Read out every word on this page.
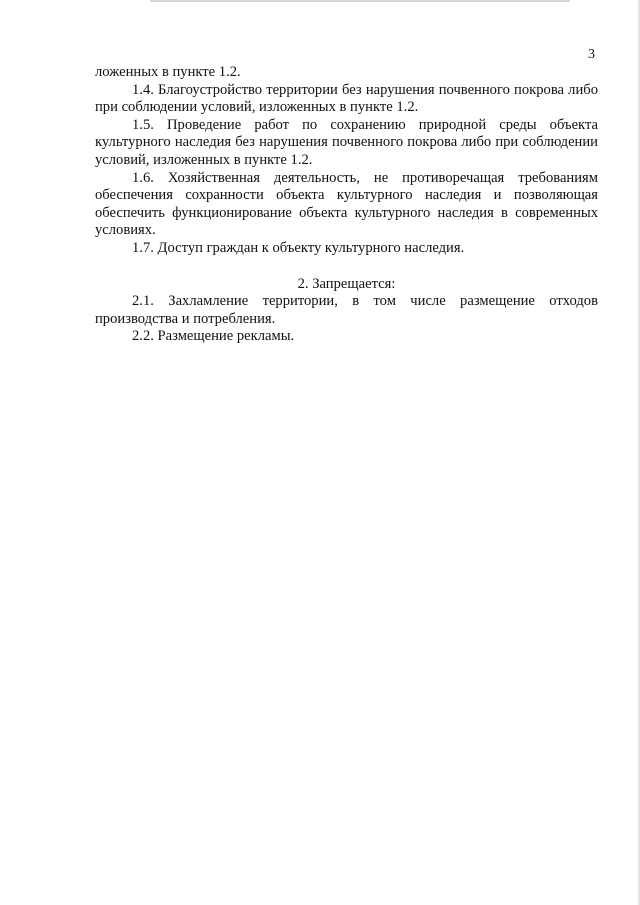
3

ложенных в пункте 1.2.

1.4. Благоустройство территории без нарушения почвенного покрова либо при соблюдении условий, изложенных в пункте 1.2.

1.5. Проведение работ по сохранению природной среды объекта культурного наследия без нарушения почвенного покрова либо при соблюдении условий, изложенных в пункте 1.2.

1.6. Хозяйственная деятельность, не противоречащая требованиям обеспечения сохранности объекта культурного наследия и позволяющая обеспечить функционирование объекта культурного наследия в современных условиях.

1.7. Доступ граждан к объекту культурного наследия.

2. Запрещается:

2.1. Захламление территории, в том числе размещение отходов производства и потребления.

2.2. Размещение рекламы.
